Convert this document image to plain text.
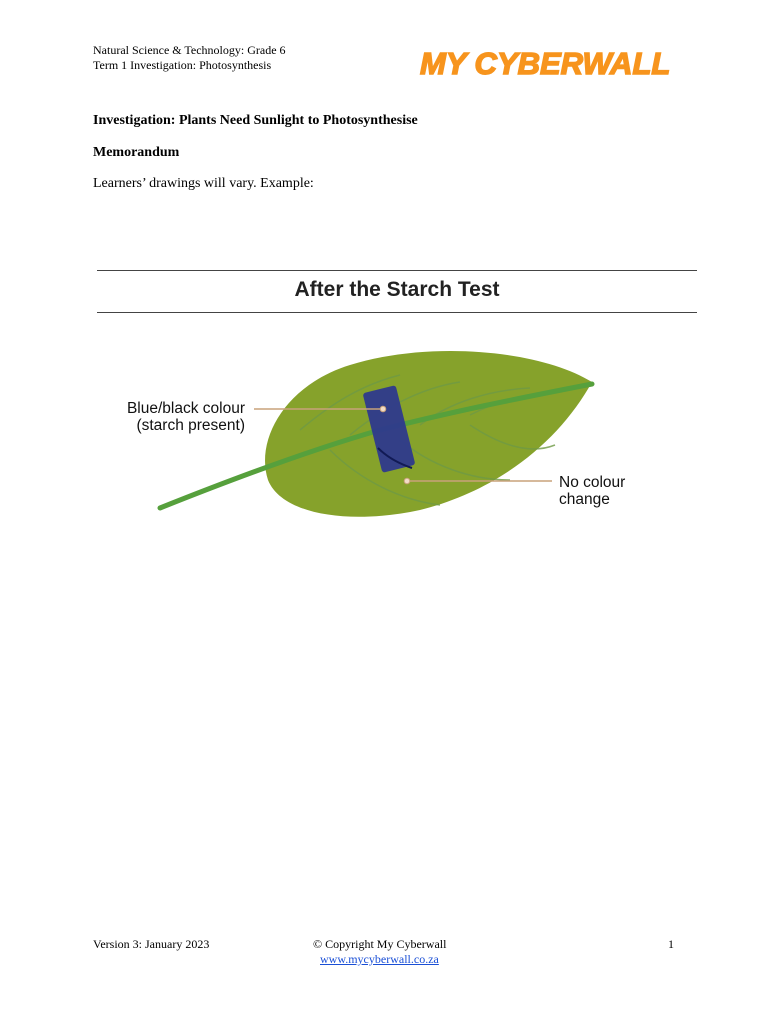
Natural Science & Technology: Grade 6
Term 1 Investigation: Photosynthesis	MY CYBERWALL
Investigation: Plants Need Sunlight to Photosynthesise
Memorandum
Learners’ drawings will vary. Example:
After the Starch Test
Blue/black colour
(starch present)
No colour
change
Version 3: January 2023	© Copyright My Cyberwall
www.mycyberwall.co.za
1
